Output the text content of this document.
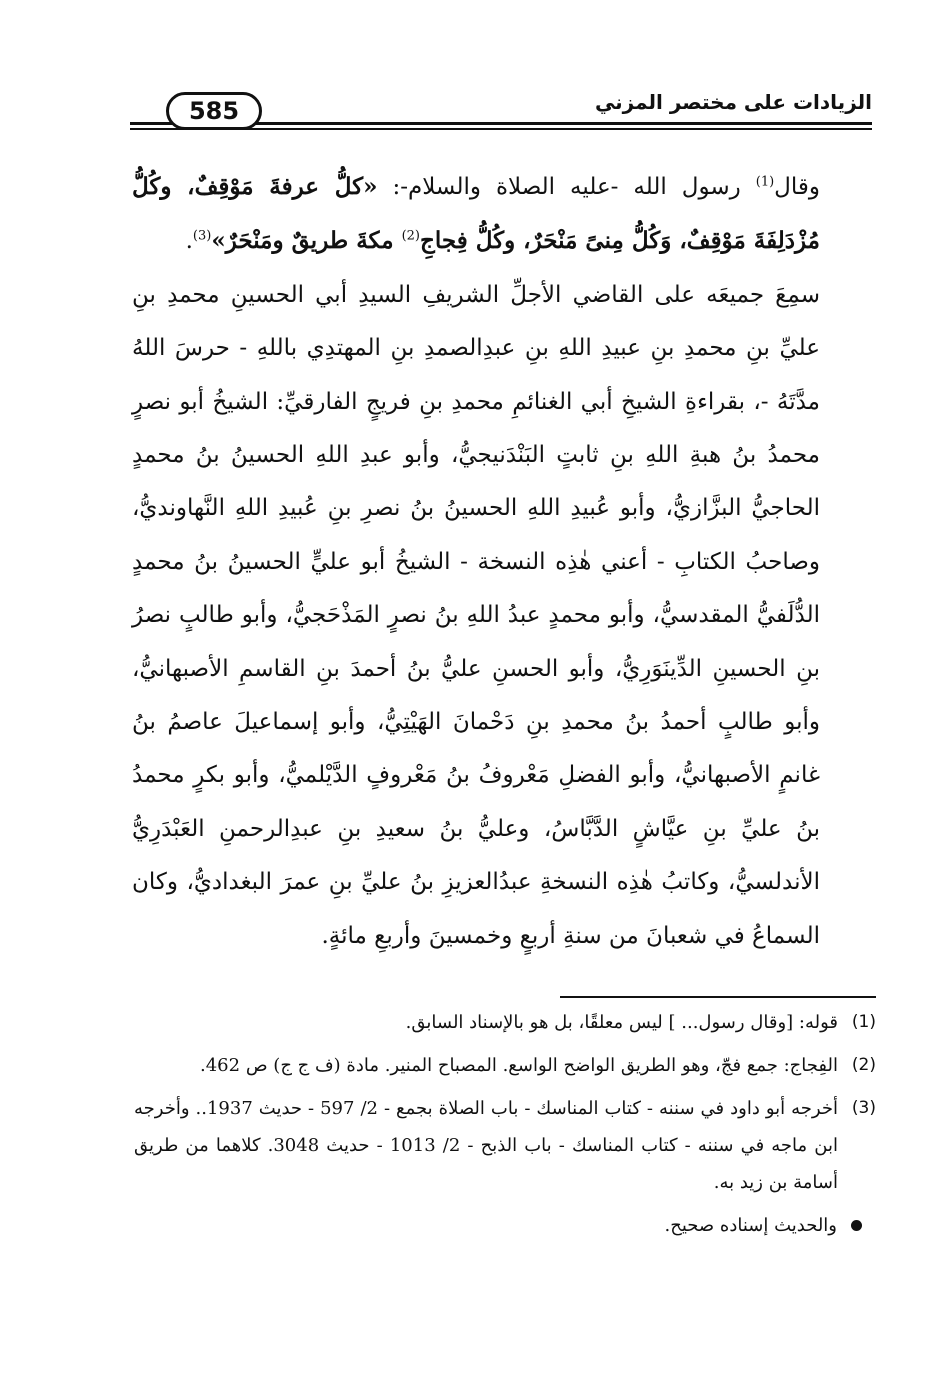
585	الزيادات على مختصر المزني

وقال$^{(1)}$ رسول الله -عليه الصلاة والسلام-: «كلُّ عرفةَ مَوْقِفٌ، وكُلُّ مُزْدَلِفَةَ مَوْقِفٌ، وَكُلُّ مِنىً مَنْحَرٌ، وكُلُّ فِجاجِ$^{(2)}$ مكةَ طريقٌ ومَنْحَرٌ»$^{(3)}$.

سمِعَ جميعَه على القاضي الأجلِّ الشريفِ السيدِ أبي الحسينِ محمدِ بنِ عليِّ بنِ محمدِ بنِ عبيدِ اللهِ بنِ عبدِالصمدِ بنِ المهتدِي باللهِ - حرسَ اللهُ مدَّتَهُ -، بقراءةِ الشيخِ أبي الغنائمِ محمدِ بنِ فريجٍ الفارقيِّ: الشيخُ أبو نصرٍ محمدُ بنُ هبةِ اللهِ بنِ ثابتٍ البَنْدَنيجيُّ، وأبو عبدِ اللهِ الحسينُ بنُ محمدٍ الحاجيُّ البزَّازيُّ، وأبو عُبيدِ اللهِ الحسينُ بنُ نصرِ بنِ عُبيدِ اللهِ النَّهاونديُّ، وصاحبُ الكتابِ - أعني هٰذِه النسخة - الشيخُ أبو عليٍّ الحسينُ بنُ محمدٍ الدُّلَفيُّ المقدسيُّ، وأبو محمدٍ عبدُ اللهِ بنُ نصرٍ المَذْحَجيُّ، وأبو طالبٍ نصرُ بنِ الحسينِ الدِّينَوَرِيُّ، وأبو الحسنِ عليُّ بنُ أحمدَ بنِ القاسمِ الأصبهانيُّ، وأبو طالبٍ أحمدُ بنُ محمدِ بنِ دَحْمانَ الهَيْتِيُّ، وأبو إسماعيلَ عاصمُ بنُ غانمٍ الأصبهانيُّ، وأبو الفضلِ مَعْروفُ بنُ مَعْروفٍ الدَّيْلميُّ، وأبو بكرٍ محمدُ بنُ عليِّ بنِ عيَّاشٍ الدَّبَّاسُ، وعليُّ بنُ سعيدِ بنِ عبدِالرحمنِ العَبْدَرِيُّ الأندلسيُّ، وكاتبُ هٰذِه النسخةِ عبدُالعزيزِ بنُ عليِّ بنِ عمرَ البغداديُّ، وكان السماعُ في شعبانَ من سنةِ أربعٍ وخمسينَ وأربعِ مائةٍ.

(1)
قوله: [وقال رسول... ] ليس معلقًا، بل هو بالإسناد السابق.
(2)
الفِجاج: جمع فجّ، وهو الطريق الواضح الواسع. المصباح المنير. مادة (ف ج ج) ص 462.
(3)
أخرجه أبو داود في سننه - كتاب المناسك - باب الصلاة بجمع - 2/ 597 - حديث 1937.. وأخرجه ابن ماجه في سننه - كتاب المناسك - باب الذبح - 2/ 1013 - حديث 3048. كلاهما من طريق أسامة بن زيد به.
والحديث إسناده صحيح.
